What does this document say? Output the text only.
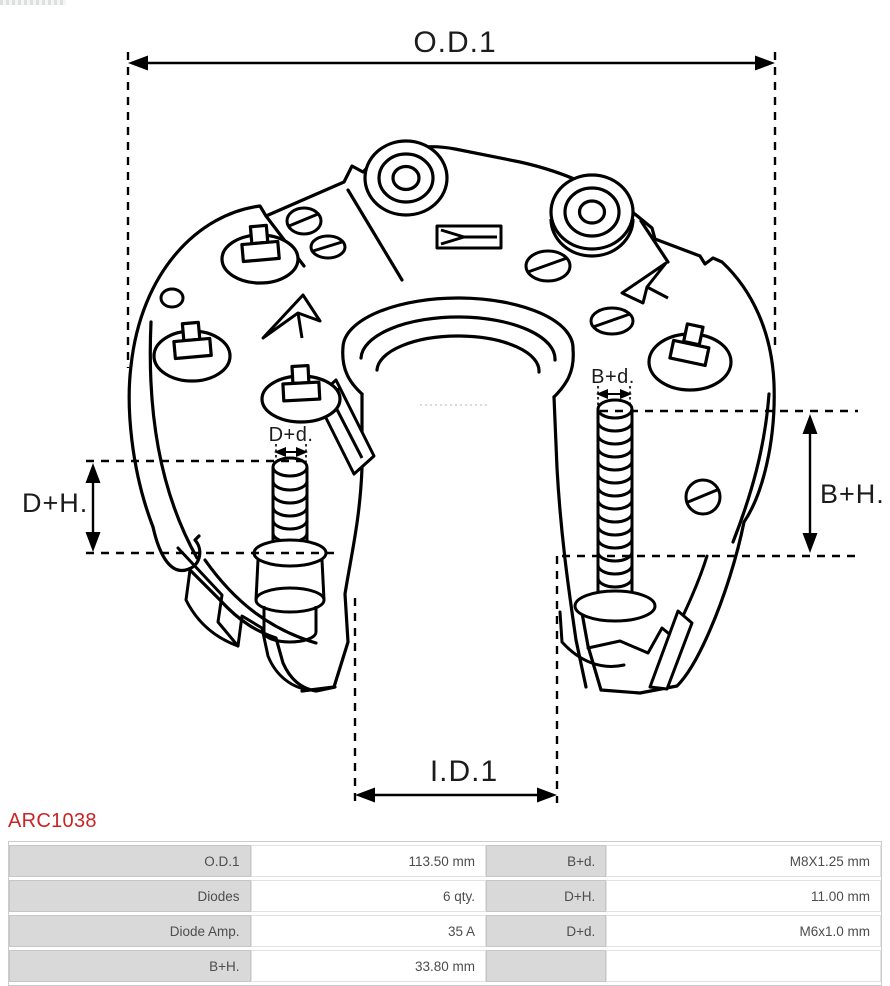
O.D.1
I.D.1
D+H.	B+H.
D+d.
B+d.
ARC1038
O.D.1	113.50 mm	B+d.	M8X1.25 mm
Diodes	6 qty.	D+H.	11.00 mm
Diode Amp.	35 A	D+d.	M6x1.0 mm
B+H.	33.80 mm		
